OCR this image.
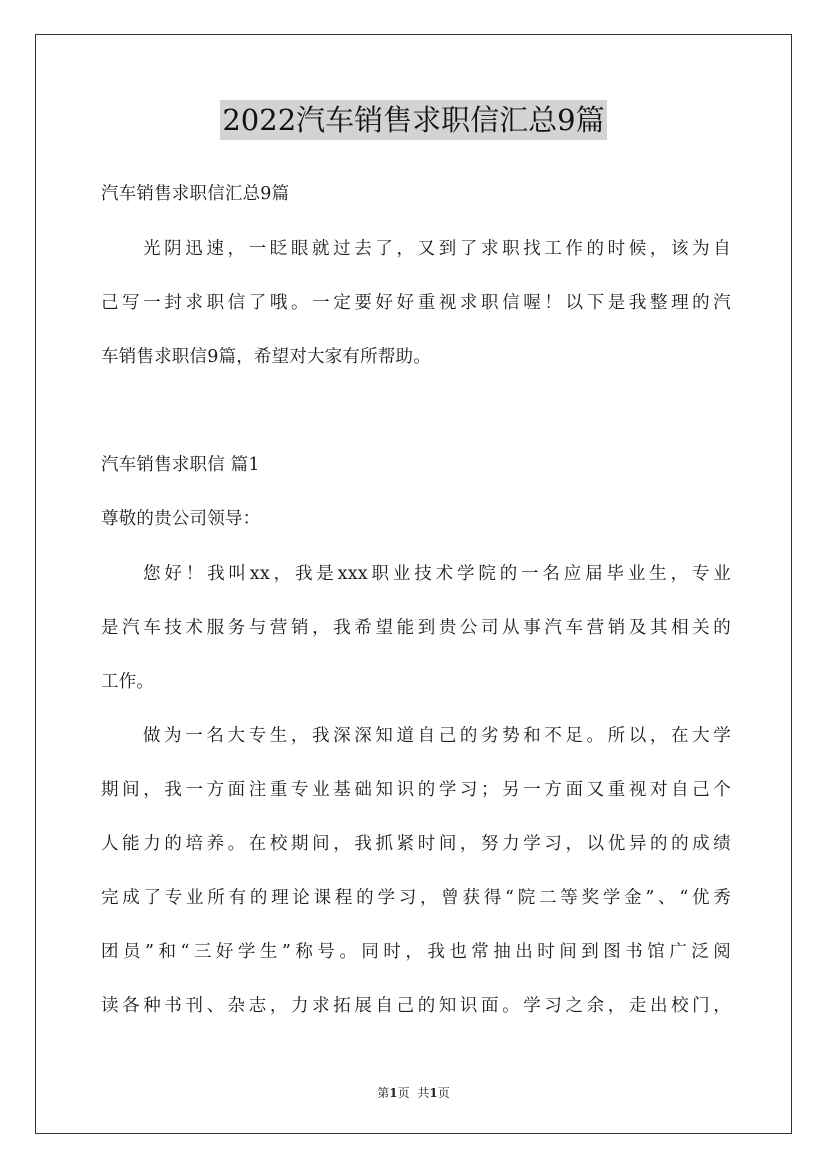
2022汽车销售求职信汇总9篇
汽车销售求职信汇总9篇
光阴迅速，一眨眼就过去了，又到了求职找工作的时候，该为自
己写一封求职信了哦。一定要好好重视求职信喔！以下是我整理的汽
车销售求职信9篇，希望对大家有所帮助。
汽车销售求职信 篇1
尊敬的贵公司领导：
您好！我叫xx，我是xxx职业技术学院的一名应届毕业生，专业
是汽车技术服务与营销，我希望能到贵公司从事汽车营销及其相关的
工作。
做为一名大专生，我深深知道自己的劣势和不足。所以，在大学
期间，我一方面注重专业基础知识的学习；另一方面又重视对自己个
人能力的培养。在校期间，我抓紧时间，努力学习，以优异的的成绩
完成了专业所有的理论课程的学习，曾获得“院二等奖学金”、“优秀
团员”和“三好学生”称号。同时，我也常抽出时间到图书馆广泛阅
读各种书刊、杂志，力求拓展自己的知识面。学习之余，走出校门，
第1页 共1页
